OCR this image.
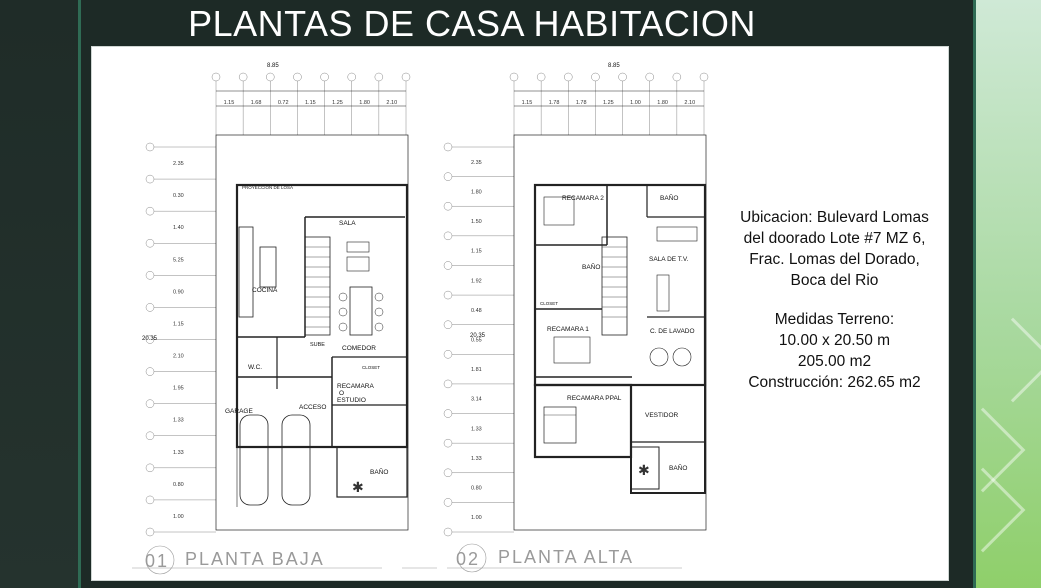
PLANTAS DE CASA HABITACION
✱
✱
8.85
SALA
COCINA
COMEDOR
W.C.
RECAMARA
O
ESTUDIO
ACCESO
GARAGE
BAÑO
SUBE
CLOSET
PROYECCION DE LOSA
20.35
8.85
RECAMARA 2	BAÑO
BAÑO
SALA DE T.V.
RECAMARA 1	C. DE LAVADO
RECAMARA PPAL
VESTIDOR
BAÑO
CLOSET
20.35
1.15	1.68	0.72	1.15	1.25	1.80	2.10
2.35
0.30
1.40
5.25
0.90
1.15
2.10
1.95
1.33
1.33
0.80
1.00
1.15	1.78	1.78	1.25	1.00	1.80	2.10
2.35
1.80
1.50
1.15
1.92
0.48
0.55
1.81
3.14
1.33
1.33
0.80
1.00
01 PLANTA BAJA	02 PLANTA ALTA
Ubicacion: Bulevard Lomas
del doorado Lote #7 MZ 6,
Frac. Lomas del Dorado,
Boca del Rio
Medidas Terreno:
10.00 x 20.50 m
205.00 m2
Construcción: 262.65 m2
